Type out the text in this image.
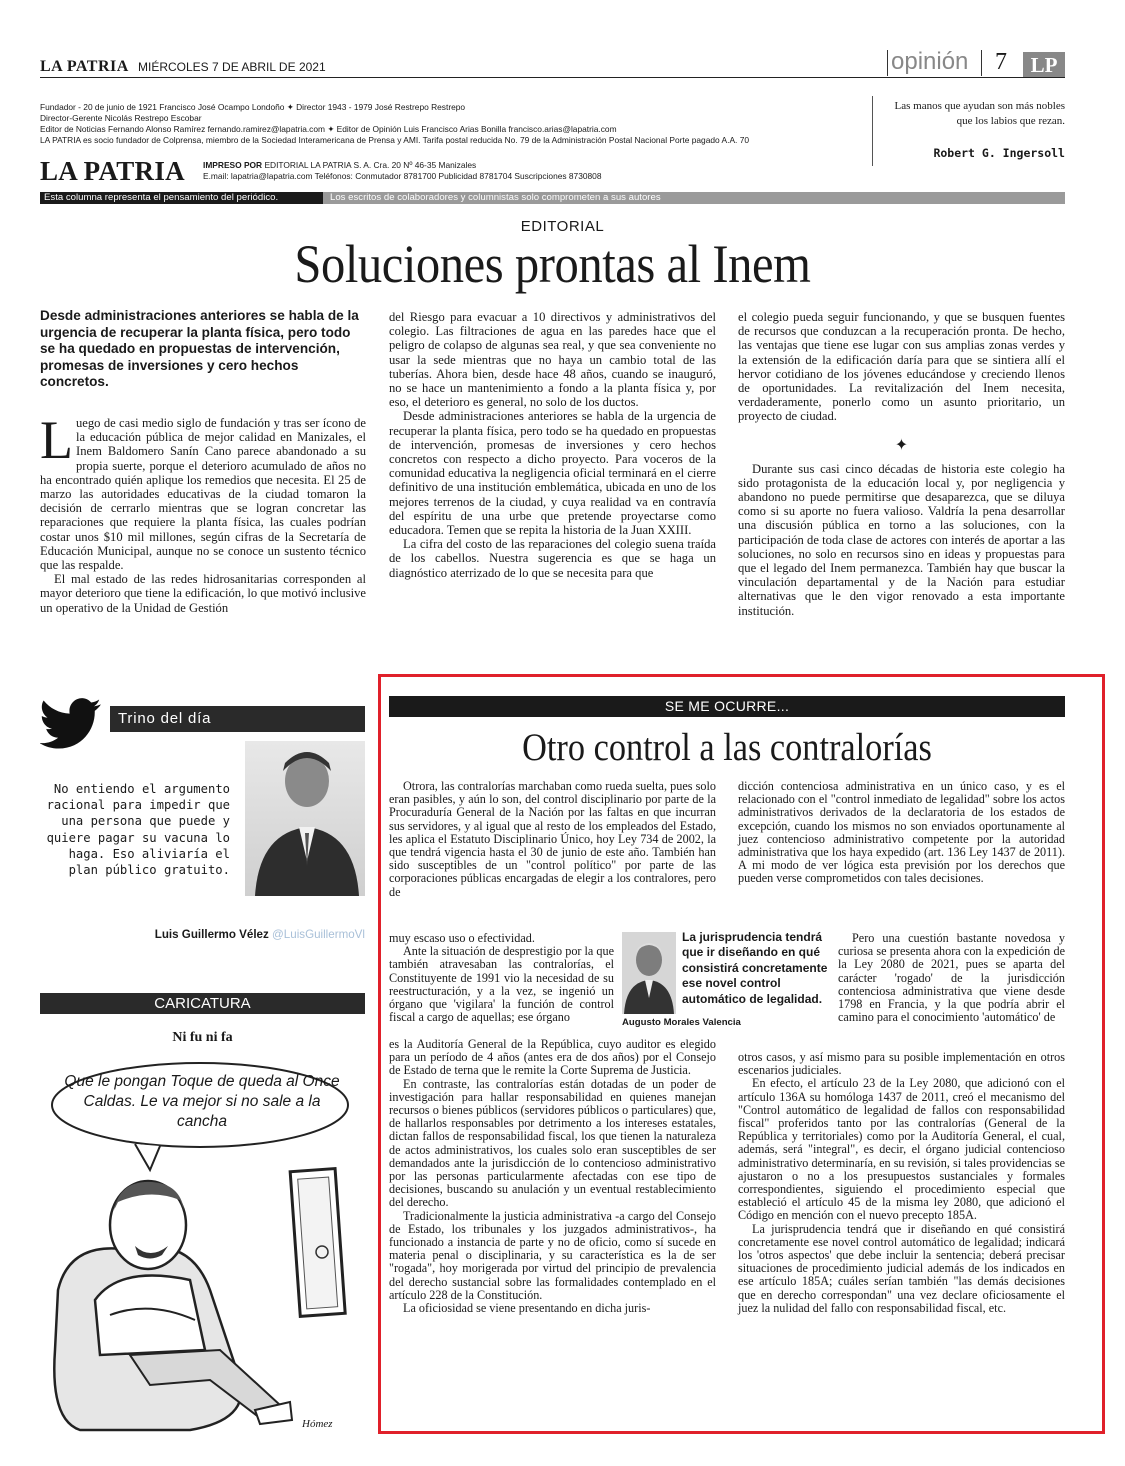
LA PATRIA MIÉRCOLES 7 DE ABRIL DE 2021	opinión 7	LP
Fundador - 20 de junio de 1921 Francisco José Ocampo Londoño ✦ Director 1943 - 1979 José Restrepo Restrepo
Director-Gerente Nicolás Restrepo Escobar
Editor de Noticias Fernando Alonso Ramírez fernando.ramirez@lapatria.com ✦ Editor de Opinión Luis Francisco Arias Bonilla francisco.arias@lapatria.com
LA PATRIA es socio fundador de Colprensa, miembro de la Sociedad Interamericana de Prensa y AMI. Tarifa postal reducida No. 79 de la Administración Postal Nacional Porte pagado A.A. 70
LA PATRIA IMPRESO POR EDITORIAL LA PATRIA S. A. Cra. 20 Nº 46-35 Manizales
E.mail: lapatria@lapatria.com Teléfonos: Conmutador 8781700 Publicidad 8781704 Suscripciones 8730808
Las manos que ayudan son más nobles que los labios que rezan.
Robert G. Ingersoll
Esta columna representa el pensamiento del periódico.	Los escritos de colaboradores y columnistas solo comprometen a sus autores
EDITORIAL
Soluciones prontas al Inem
Desde administraciones anteriores se habla de la urgencia de recuperar la planta física, pero todo se ha quedado en propuestas de intervención, promesas de inversiones y cero hechos concretos.
L uego de casi medio siglo de fundación y tras ser ícono de la educación pública de mejor calidad en Manizales, el Inem Baldomero Sanín Cano parece abandonado a su propia suerte, porque el deterioro acumulado de años no ha encontrado quién aplique los remedios que necesita. El 25 de marzo las autoridades educativas de la ciudad tomaron la decisión de cerrarlo mientras que se logran concretar las reparaciones que requiere la planta física, las cuales podrían costar unos $10 mil millones, según cifras de la Secretaría de Educación Municipal, aunque no se conoce un sustento técnico que las respalde.

El mal estado de las redes hidrosanitarias corresponden al mayor deterioro que tiene la edificación, lo que motivó inclusive un operativo de la Unidad de Gestión

del Riesgo para evacuar a 10 directivos y administrativos del colegio. Las filtraciones de agua en las paredes hace que el peligro de colapso de algunas sea real, y que sea conveniente no usar la sede mientras que no haya un cambio total de las tuberías. Ahora bien, desde hace 48 años, cuando se inauguró, no se hace un mantenimiento a fondo a la planta física y, por eso, el deterioro es general, no solo de los ductos.

Desde administraciones anteriores se habla de la urgencia de recuperar la planta física, pero todo se ha quedado en propuestas de intervención, promesas de inversiones y cero hechos concretos con respecto a dicho proyecto. Para voceros de la comunidad educativa la negligencia oficial terminará en el cierre definitivo de una institución emblemática, ubicada en uno de los mejores terrenos de la ciudad, y cuya realidad va en contravía del espíritu de una urbe que pretende proyectarse como educadora. Temen que se repita la historia de la Juan XXIII.

La cifra del costo de las reparaciones del colegio suena traída de los cabellos. Nuestra sugerencia es que se haga un diagnóstico aterrizado de lo que se necesita para que

el colegio pueda seguir funcionando, y que se busquen fuentes de recursos que conduzcan a la recuperación pronta. De hecho, las ventajas que tiene ese lugar con sus amplias zonas verdes y la extensión de la edificación daría para que se sintiera allí el hervor cotidiano de los jóvenes educándose y creciendo llenos de oportunidades. La revitalización del Inem necesita, verdaderamente, ponerlo como un asunto prioritario, un proyecto de ciudad.

✦

Durante sus casi cinco décadas de historia este colegio ha sido protagonista de la educación local y, por negligencia y abandono no puede permitirse que desaparezca, que se diluya como si su aporte no fuera valioso. Valdría la pena desarrollar una discusión pública en torno a las soluciones, con la participación de toda clase de actores con interés de aportar a las soluciones, no solo en recursos sino en ideas y propuestas para que el legado del Inem permanezca. También hay que buscar la vinculación departamental y de la Nación para estudiar alternativas que le den vigor renovado a esta importante institución.

Trino del día
No entiendo el argumento racional para impedir que una persona que puede y quiere pagar su vacuna lo haga. Eso aliviaría el plan público gratuito.
Luis Guillermo Vélez @LuisGuillermoVl
CARICATURA
Ni fu ni fa
Que le pongan Toque de queda al Once Caldas. Le va mejor si no sale a la cancha
Hómez
SE ME OCURRE...
Otro control a las contralorías

Otrora, las contralorías marchaban como rueda suelta, pues solo eran pasibles, y aún lo son, del control disciplinario por parte de la Procuraduría General de la Nación por las faltas en que incurran sus servidores, y al igual que al resto de los empleados del Estado, les aplica el Estatuto Disciplinario Único, hoy Ley 734 de 2002, la que tendrá vigencia hasta el 30 de junio de este año. También han sido susceptibles de un "control político" por parte de las corporaciones públicas encargadas de elegir a los contralores, pero de

muy escaso uso o efectividad.

Ante la situación de desprestigio por la que también atravesaban las contralorías, el Constituyente de 1991 vio la necesidad de su reestructuración, y a la vez, se ingenió un órgano que 'vigilara' la función de control fiscal a cargo de aquellas; ese órgano

es la Auditoría General de la República, cuyo auditor es elegido para un período de 4 años (antes era de dos años) por el Consejo de Estado de terna que le remite la Corte Suprema de Justicia.

En contraste, las contralorías están dotadas de un poder de investigación para hallar responsabilidad en quienes manejan recursos o bienes públicos (servidores públicos o particulares) que, de hallarlos responsables por detrimento a los intereses estatales, dictan fallos de responsabilidad fiscal, los que tienen la naturaleza de actos administrativos, los cuales solo eran susceptibles de ser demandados ante la jurisdicción de lo contencioso administrativo por las personas particularmente afectadas con ese tipo de decisiones, buscando su anulación y un eventual restablecimiento del derecho.

Tradicionalmente la justicia administrativa -a cargo del Consejo de Estado, los tribunales y los juzgados administrativos-, ha funcionado a instancia de parte y no de oficio, como sí sucede en materia penal o disciplinaria, y su característica es la de ser "rogada", hoy morigerada por virtud del principio de prevalencia del derecho sustancial sobre las formalidades contemplado en el artículo 228 de la Constitución.

La oficiosidad se viene presentando en dicha juris-

dicción contenciosa administrativa en un único caso, y es el relacionado con el "control inmediato de legalidad" sobre los actos administrativos derivados de la declaratoria de los estados de excepción, cuando los mismos no son enviados oportunamente al juez contencioso administrativo competente por la autoridad administrativa que los haya expedido (art. 136 Ley 1437 de 2011). A mi modo de ver lógica esta previsión por los derechos que pueden verse comprometidos con tales decisiones.

Pero una cuestión bastante novedosa y curiosa se presenta ahora con la expedición de la Ley 2080 de 2021, pues se aparta del carácter 'rogado' de la jurisdicción contenciosa administrativa que viene desde 1798 en Francia, y la que podría abrir el camino para el conocimiento 'automático' de

otros casos, y así mismo para su posible implementación en otros escenarios judiciales.

En efecto, el artículo 23 de la Ley 2080, que adicionó con el artículo 136A su homóloga 1437 de 2011, creó el mecanismo del "Control automático de legalidad de fallos con responsabilidad fiscal" proferidos tanto por las contralorías (General de la República y territoriales) como por la Auditoría General, el cual, además, será "integral", es decir, el órgano judicial contencioso administrativo determinaría, en su revisión, si tales providencias se ajustaron o no a los presupuestos sustanciales y formales correspondientes, siguiendo el procedimiento especial que estableció el artículo 45 de la misma ley 2080, que adicionó el Código en mención con el nuevo precepto 185A.

La jurisprudencia tendrá que ir diseñando en qué consistirá concretamente ese novel control automático de legalidad; indicará los 'otros aspectos' que debe incluir la sentencia; deberá precisar situaciones de procedimiento judicial además de los indicados en ese artículo 185A; cuáles serían también "las demás decisiones que en derecho correspondan" una vez declare oficiosamente el juez la nulidad del fallo con responsabilidad fiscal, etc.

La jurisprudencia tendrá que ir diseñando en qué consistirá concretamente ese novel control automático de legalidad.
Augusto Morales Valencia
